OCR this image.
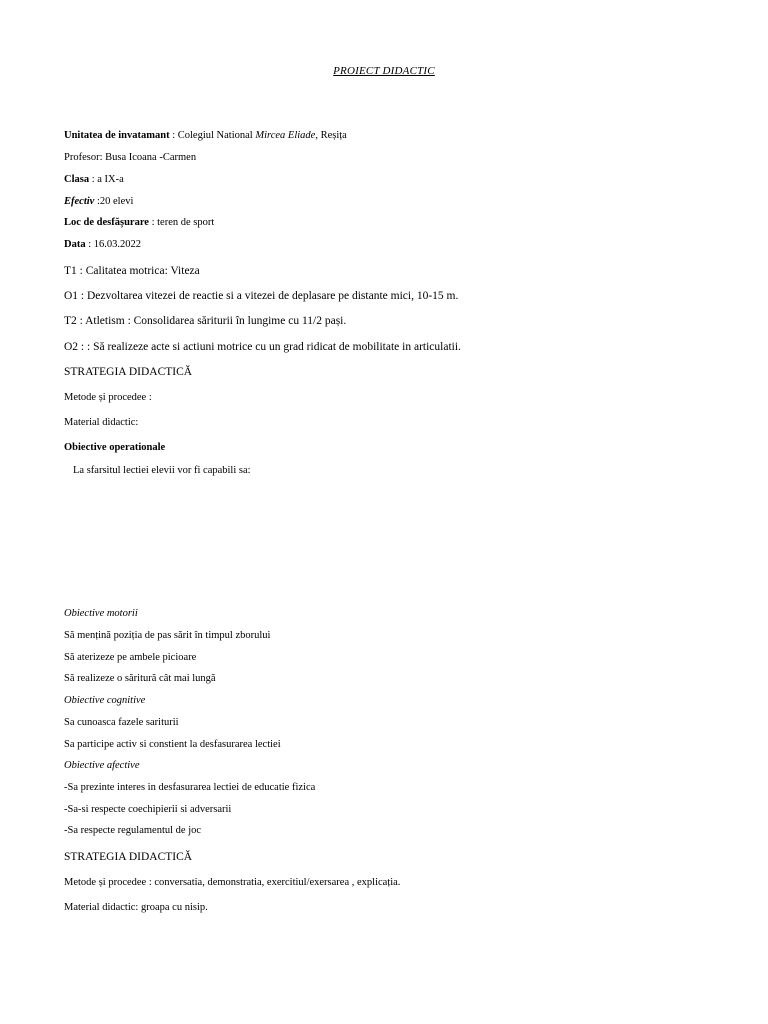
PROIECT DIDACTIC
Unitatea de invatamant : Colegiul National Mircea Eliade, Reșița
Profesor: Busa Icoana -Carmen
Clasa : a IX-a
Efectiv :20 elevi
Loc de desfășurare : teren de sport
Data : 16.03.2022
T1 : Calitatea motrica: Viteza
O1 : Dezvoltarea vitezei de reactie si a vitezei de deplasare pe distante mici, 10-15 m.
T2 : Atletism : Consolidarea săriturii în lungime cu 11/2 pași.
O2 : : Să realizeze acte si actiuni motrice cu un grad ridicat de mobilitate in articulatii.
STRATEGIA DIDACTICĂ
Metode și procedee :
Material didactic:
Obiective operationale
La sfarsitul lectiei elevii vor fi capabili sa:
Obiective motorii
Să mențină poziția de pas sărit în timpul zborului
Să aterizeze pe ambele picioare
Să realizeze o săritură cât mai lungă
Obiective cognitive
Sa cunoasca fazele sariturii
Sa participe activ si constient la desfasurarea lectiei
Obiective afective
-Sa prezinte interes in desfasurarea lectiei de educatie fizica
-Sa-si respecte coechipierii si adversarii
-Sa respecte regulamentul de joc
STRATEGIA DIDACTICĂ
Metode și procedee : conversatia, demonstratia, exercitiul/exersarea , explicația.
Material didactic: groapa cu nisip.
